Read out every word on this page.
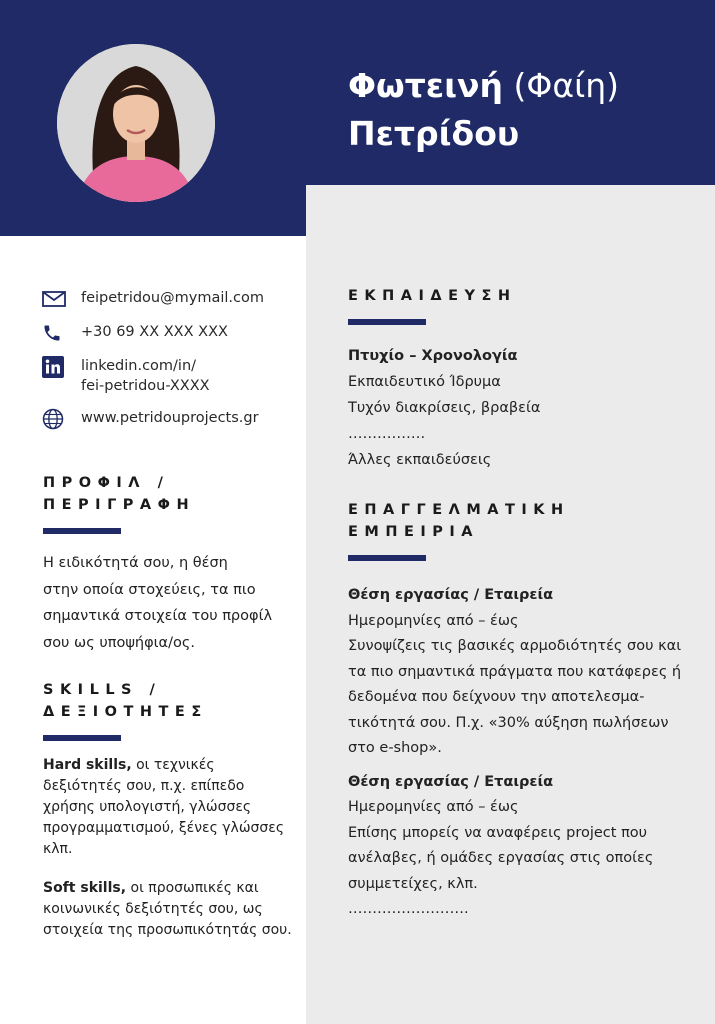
Φωτεινή (Φαίη)
Πετρίδου
feipetridou@mymail.com
+30 69 XX XXX XXX
linkedin.com/in/
fei-petridou-XXXX
www.petridouprojects.gr
ΠΡΟΦΙΛ /
ΠΕΡΙΓΡΑΦΗ

Η ειδικότητά σου, η θέση
στην οποία στοχεύεις, τα πιο
σημαντικά στοιχεία του προφίλ
σου ως υποψήφια/ος.

SKILLS /
ΔΕΞΙΟΤΗΤΕΣ

Hard skills, οι τεχνικές δεξιότητές σου, π.χ. επίπεδο χρήσης υπολογιστή, γλώσσες προγραμματισμού, ξένες γλώσσες κλπ.

Soft skills, οι προσωπικές και κοινωνικές δεξιότητές σου, ως στοιχεία της προσωπικότητάς σου.

ΕΚΠΑΙΔΕΥΣΗ
Πτυχίο – Χρονολογία
Εκπαιδευτικό Ίδρυμα
Τυχόν διακρίσεις, βραβεία
…………….
Άλλες εκπαιδεύσεις
ΕΠΑΓΓΕΛΜΑΤΙΚΗ
ΕΜΠΕΙΡΙΑ
Θέση εργασίας / Εταιρεία
Ημερομηνίες από – έως
Συνοψίζεις τις βασικές αρμοδιότητές σου και
τα πιο σημαντικά πράγματα που κατάφερες ή
δεδομένα που δείχνουν την αποτελεσμα-
τικότητά σου. Π.χ. «30% αύξηση πωλήσεων
στο e-shop».
Θέση εργασίας / Εταιρεία
Ημερομηνίες από – έως
Επίσης μπορείς να αναφέρεις project που
ανέλαβες, ή ομάδες εργασίας στις οποίες
συμμετείχες, κλπ.
…………………….
